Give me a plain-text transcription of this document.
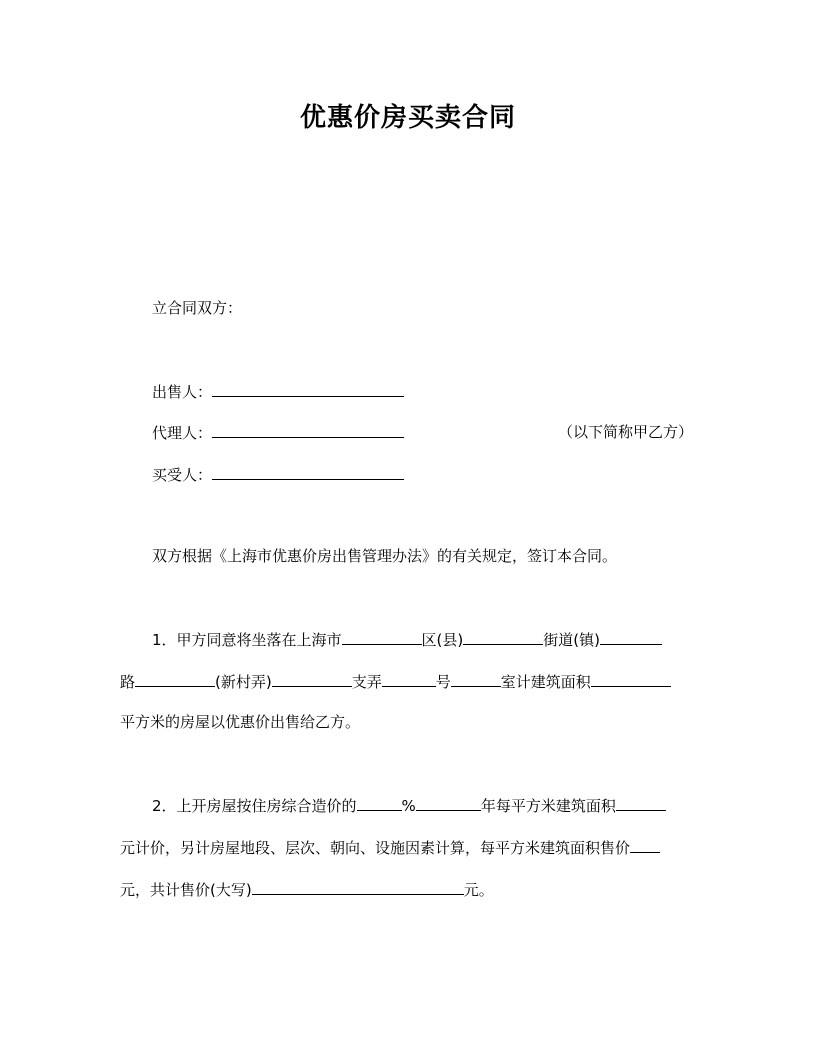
优惠价房买卖合同
立合同双方：
出售人：
代理人：	（以下简称甲乙方）
买受人：
双方根据《上海市优惠价房出售管理办法》的有关规定，签订本合同。
1．甲方同意将坐落在上海市	区(县)	街道(镇)
路	(新村弄)	支弄	号	室计建筑面积
平方米的房屋以优惠价出售给乙方。
2．上开房屋按住房综合造价的	%	年每平方米建筑面积
元计价，另计房屋地段、层次、朝向、设施因素计算，每平方米建筑面积售价
元，共计售价(大写)	元。
